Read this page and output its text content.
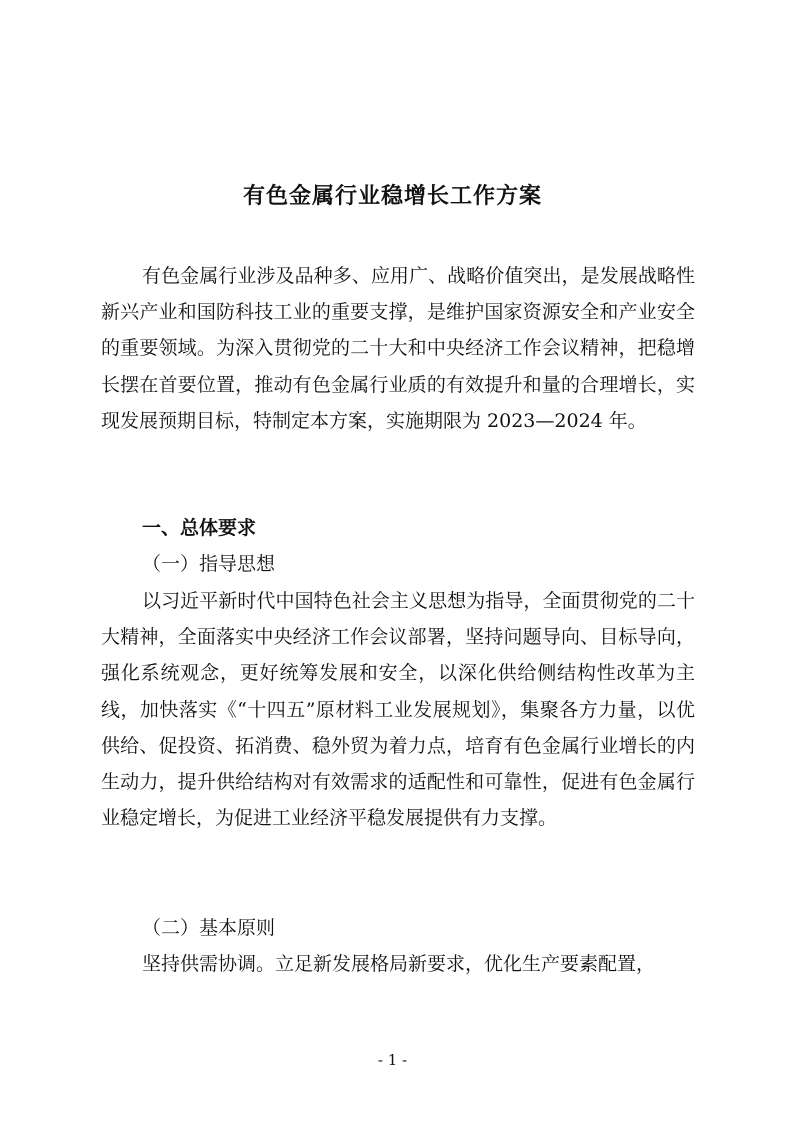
有色金属行业稳增长工作方案

有色金属行业涉及品种多、应用广、战略价值突出，是发展战略性新兴产业和国防科技工业的重要支撑，是维护国家资源安全和产业安全的重要领域。为深入贯彻党的二十大和中央经济工作会议精神，把稳增长摆在首要位置，推动有色金属行业质的有效提升和量的合理增长，实现发展预期目标，特制定本方案，实施期限为 2023—2024 年。

一、总体要求
（一）指导思想

以习近平新时代中国特色社会主义思想为指导，全面贯彻党的二十大精神，全面落实中央经济工作会议部署，坚持问题导向、目标导向，强化系统观念，更好统筹发展和安全，以深化供给侧结构性改革为主线，加快落实《“十四五”原材料工业发展规划》，集聚各方力量，以优供给、促投资、拓消费、稳外贸为着力点，培育有色金属行业增长的内生动力，提升供给结构对有效需求的适配性和可靠性，促进有色金属行业稳定增长，为促进工业经济平稳发展提供有力支撑。

（二）基本原则

坚持供需协调。立足新发展格局新要求，优化生产要素配置，

- 1 -
